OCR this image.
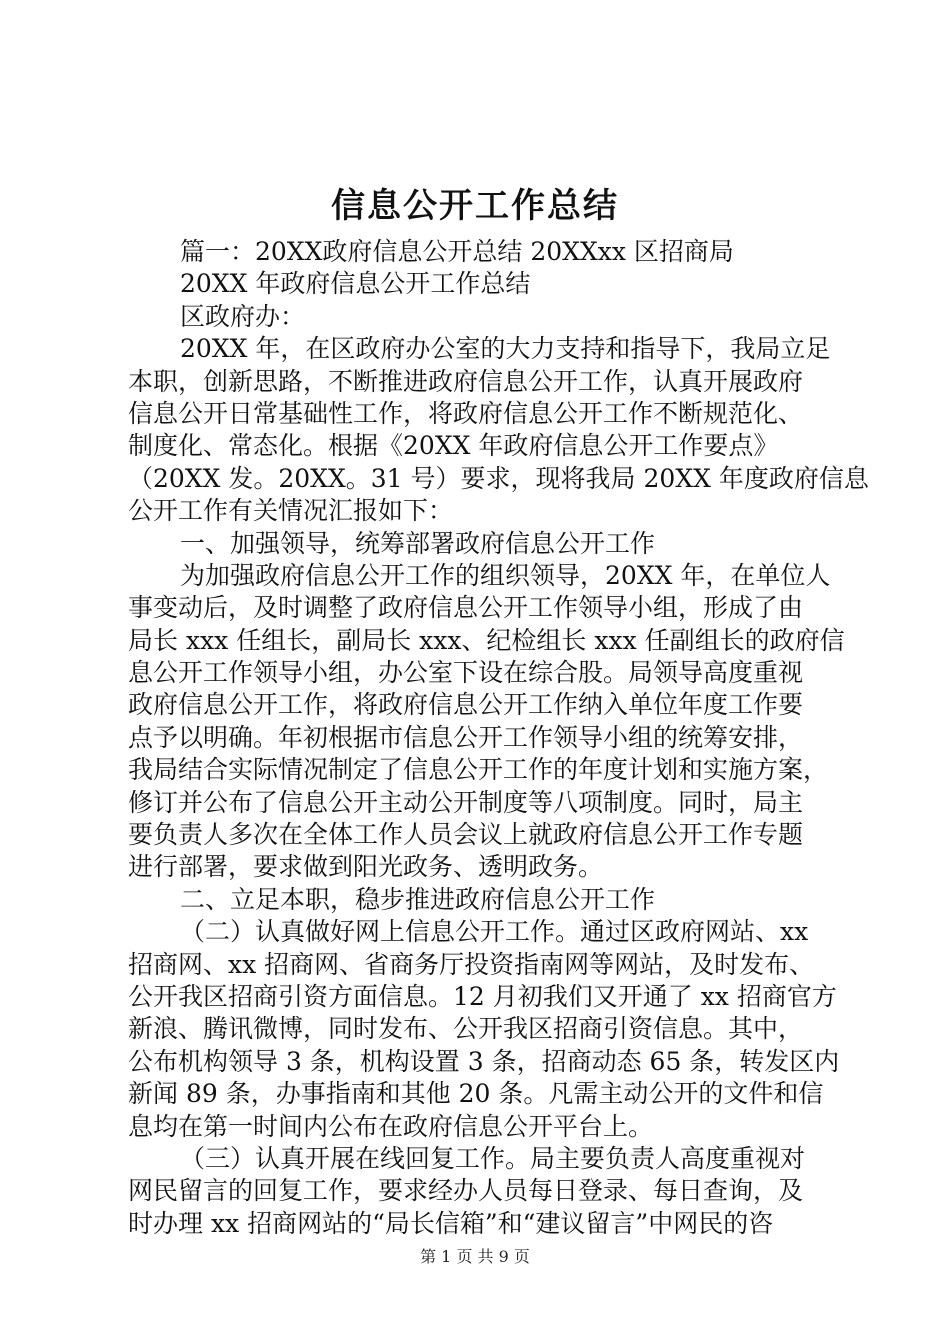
信息公开工作总结
篇一：20XX政府信息公开总结 20XXxx 区招商局
20XX 年政府信息公开工作总结
区政府办：
20XX 年，在区政府办公室的大力支持和指导下，我局立足
本职，创新思路，不断推进政府信息公开工作，认真开展政府
信息公开日常基础性工作，将政府信息公开工作不断规范化、
制度化、常态化。根据《20XX 年政府信息公开工作要点》
（20XX 发。20XX。31 号）要求，现将我局 20XX 年度政府信息
公开工作有关情况汇报如下：
一、加强领导，统筹部署政府信息公开工作
为加强政府信息公开工作的组织领导，20XX 年，在单位人
事变动后，及时调整了政府信息公开工作领导小组，形成了由
局长 xxx 任组长，副局长 xxx、纪检组长 xxx 任副组长的政府信
息公开工作领导小组，办公室下设在综合股。局领导高度重视
政府信息公开工作，将政府信息公开工作纳入单位年度工作要
点予以明确。年初根据市信息公开工作领导小组的统筹安排，
我局结合实际情况制定了信息公开工作的年度计划和实施方案，
修订并公布了信息公开主动公开制度等八项制度。同时，局主
要负责人多次在全体工作人员会议上就政府信息公开工作专题
进行部署，要求做到阳光政务、透明政务。
二、立足本职，稳步推进政府信息公开工作
（二）认真做好网上信息公开工作。通过区政府网站、xx
招商网、xx 招商网、省商务厅投资指南网等网站，及时发布、
公开我区招商引资方面信息。12 月初我们又开通了 xx 招商官方
新浪、腾讯微博，同时发布、公开我区招商引资信息。其中，
公布机构领导 3 条，机构设置 3 条，招商动态 65 条，转发区内
新闻 89 条，办事指南和其他 20 条。凡需主动公开的文件和信
息均在第一时间内公布在政府信息公开平台上。
（三）认真开展在线回复工作。局主要负责人高度重视对
网民留言的回复工作，要求经办人员每日登录、每日查询，及
时办理 xx 招商网站的“局长信箱”和“建议留言”中网民的咨
第 1 页 共 9 页
